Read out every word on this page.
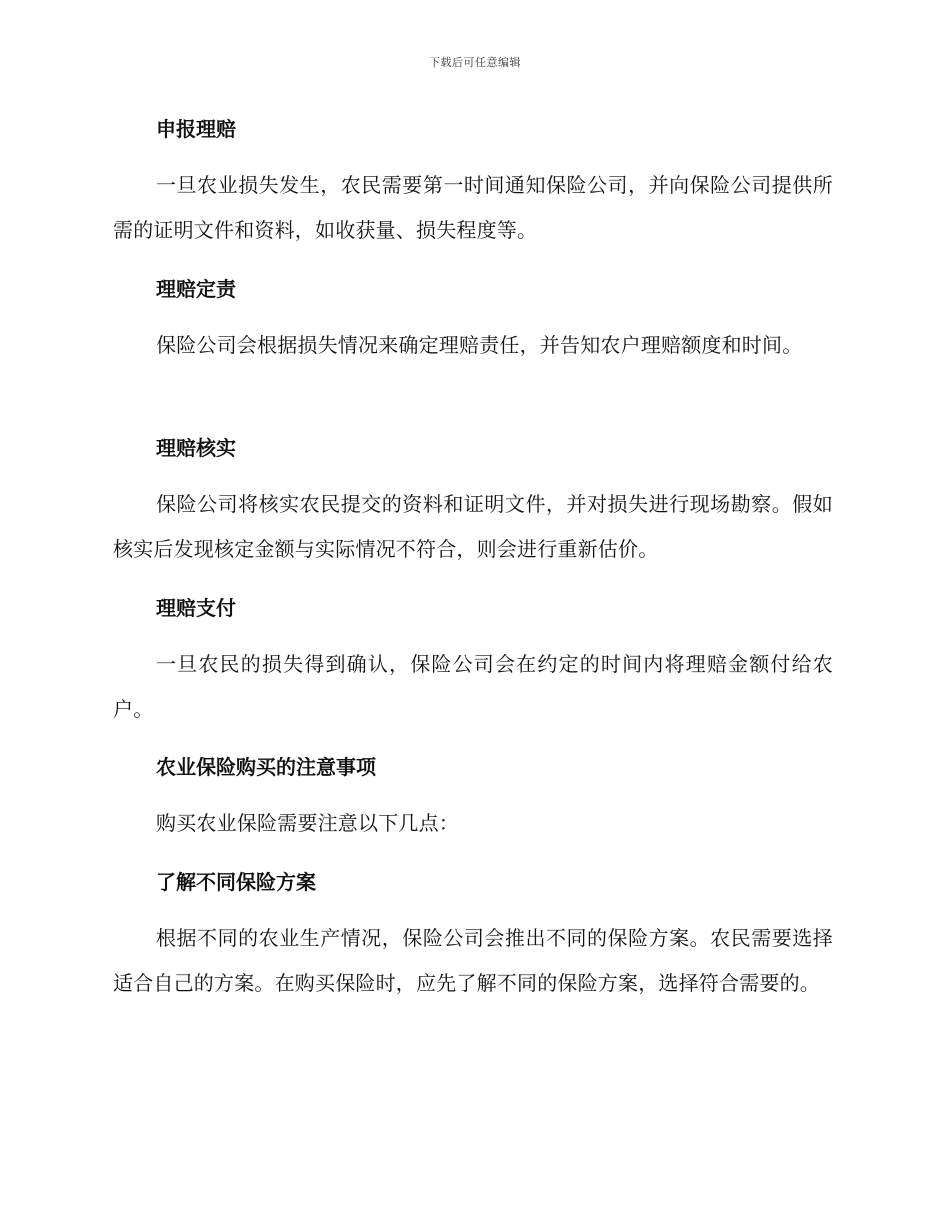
下载后可任意编辑
申报理赔
一旦农业损失发生，农民需要第一时间通知保险公司，并向保险公司提供所需的证明文件和资料，如收获量、损失程度等。
理赔定责
保险公司会根据损失情况来确定理赔责任，并告知农户理赔额度和时间。
理赔核实
保险公司将核实农民提交的资料和证明文件，并对损失进行现场勘察。假如核实后发现核定金额与实际情况不符合，则会进行重新估价。
理赔支付
一旦农民的损失得到确认，保险公司会在约定的时间内将理赔金额付给农户。
农业保险购买的注意事项
购买农业保险需要注意以下几点：
了解不同保险方案
根据不同的农业生产情况，保险公司会推出不同的保险方案。农民需要选择适合自己的方案。在购买保险时，应先了解不同的保险方案，选择符合需要的。
